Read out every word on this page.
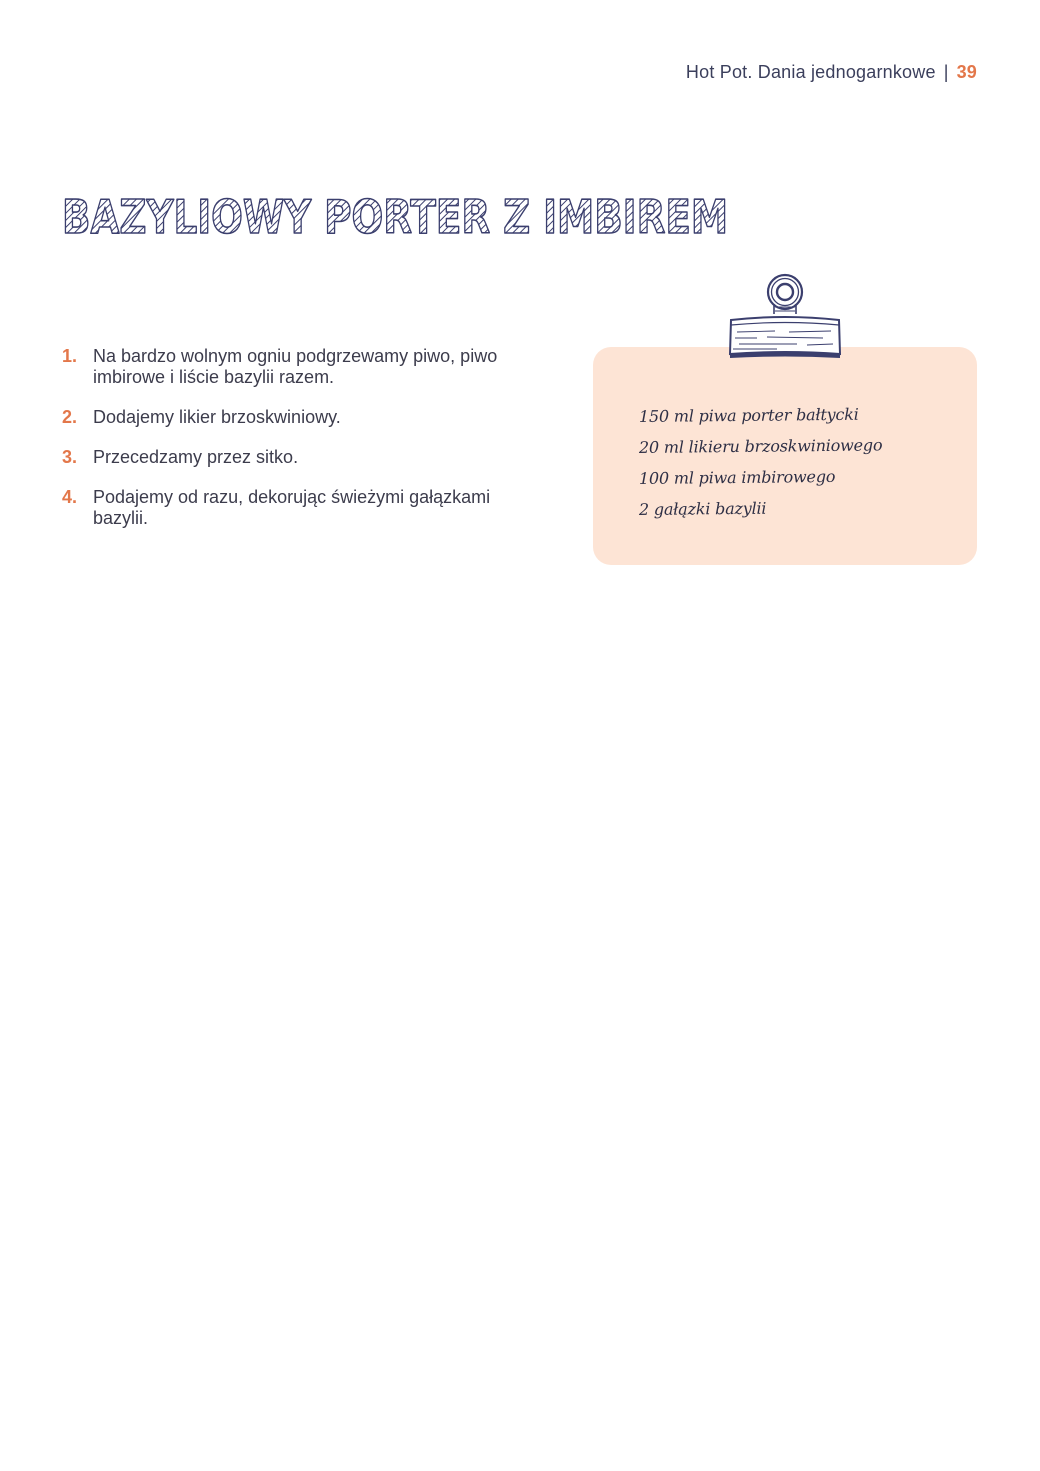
Hot Pot. Dania jednogarnkowe | 39
BAZYLIOWY PORTER Z IMBIREM
1. Na bardzo wolnym ogniu podgrzewamy piwo, piwo imbirowe i liście bazylii razem.
2. Dodajemy likier brzoskwiniowy.
3. Przecedzamy przez sitko.
4. Podajemy od razu, dekorując świeżymi gałązkami bazylii.
150 ml piwa porter bałtycki
20 ml likieru brzoskwiniowego
100 ml piwa imbirowego
2 gałązki bazylii
